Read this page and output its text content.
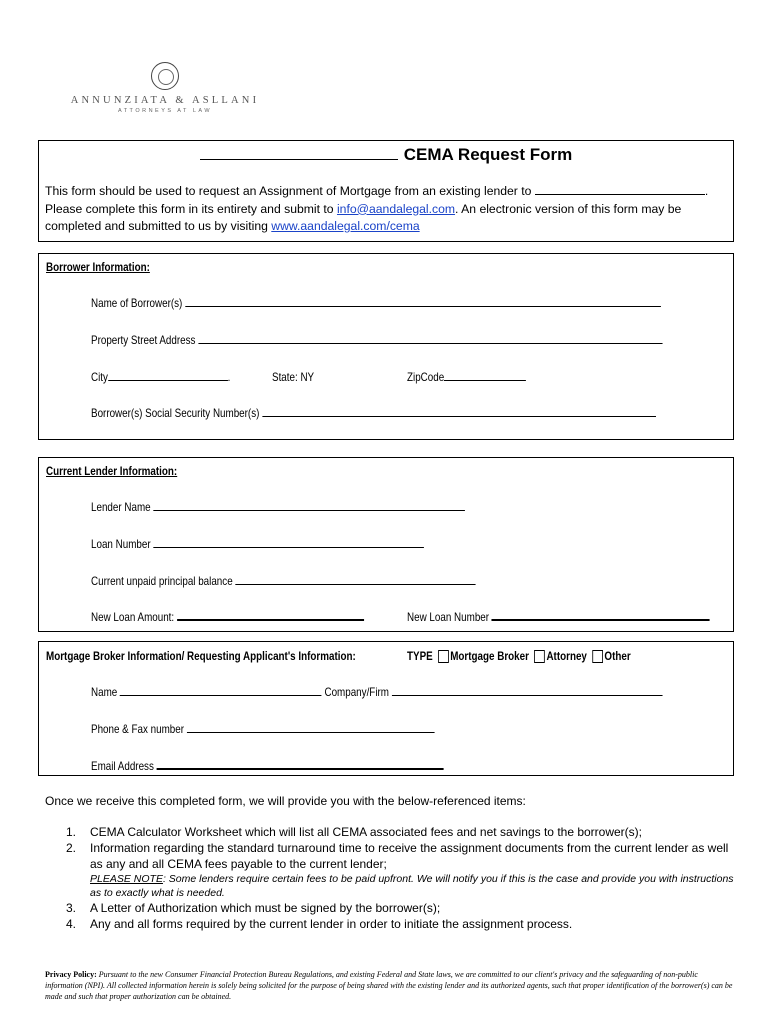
ANNUNZIATA & ASLLANI
ATTORNEYS AT LAW
CEMA Request Form
This form should be used to request an Assignment of Mortgage from an existing lender to	. Please complete this form in its entirety and submit to info@aandalegal.com. An electronic version of this form may be completed and submitted to us by visiting www.aandalegal.com/cema
Borrower Information:
Name of Borrower(s)
Property Street Address
City	.	State: NY	ZipCode
Borrower(s) Social Security Number(s)
Current Lender Information:
Lender Name
Loan Number
Current unpaid principal balance
New Loan Amount:	New Loan Number
Mortgage Broker Information/ Requesting Applicant's Information:	TYPE Mortgage Broker Attorney Other
Name	Company/Firm
Phone & Fax number
Email Address
Once we receive this completed form, we will provide you with the below-referenced items:
1. CEMA Calculator Worksheet which will list all CEMA associated fees and net savings to the borrower(s);
2. Information regarding the standard turnaround time to receive the assignment documents from the current lender as well as any and all CEMA fees payable to the current lender;
PLEASE NOTE: Some lenders require certain fees to be paid upfront. We will notify you if this is the case and provide you with instructions as to exactly what is needed.
3. A Letter of Authorization which must be signed by the borrower(s);
4. Any and all forms required by the current lender in order to initiate the assignment process.
Privacy Policy: Pursuant to the new Consumer Financial Protection Bureau Regulations, and existing Federal and State laws, we are committed to our client's privacy and the safeguarding of non-public information (NPI). All collected information herein is solely being solicited for the purpose of being shared with the existing lender and its authorized agents, such that proper identification of the borrower(s) can be made and such that proper authorization can be obtained.
